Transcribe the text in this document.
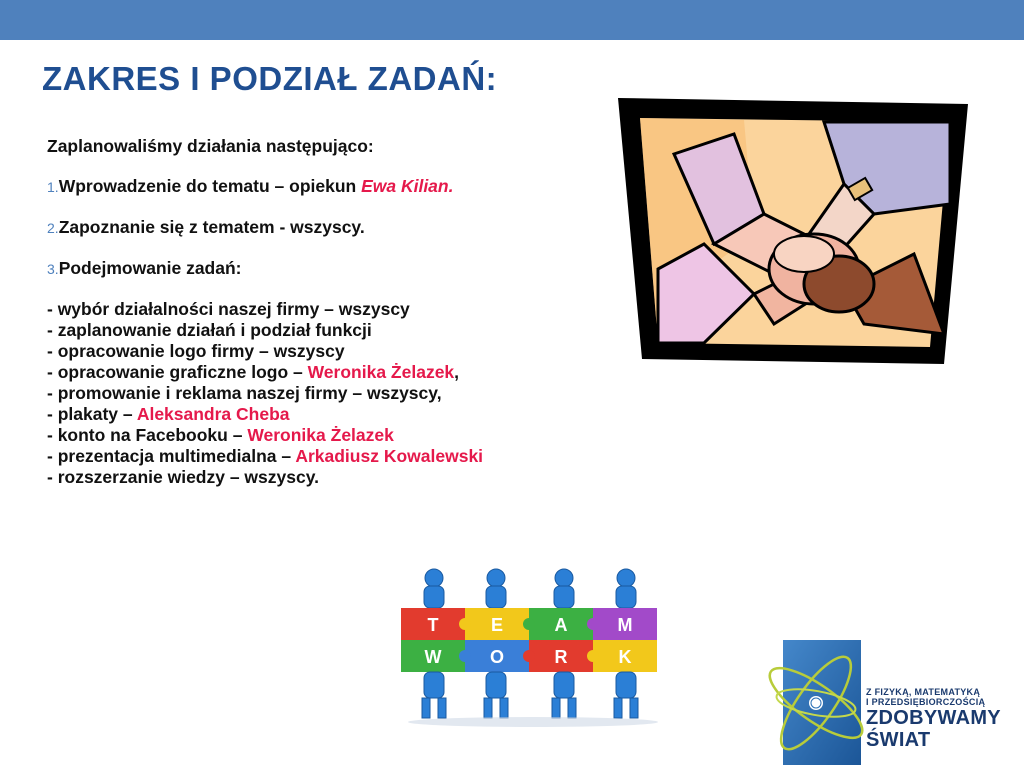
ZAKRES I PODZIAŁ ZADAŃ:

Zaplanowaliśmy działania następująco:

1.Wprowadzenie do tematu – opiekun Ewa Kilian.

2.Zapoznanie się z tematem - wszyscy.

3.Podejmowanie zadań:

- wybór działalności naszej firmy – wszyscy

- zaplanowanie działań i podział funkcji

- opracowanie logo firmy – wszyscy

- opracowanie graficzne logo – Weronika Żelazek,

- promowanie i reklama naszej firmy – wszyscy,

- plakaty – Aleksandra Cheba

- konto na Facebooku – Weronika Żelazek

- prezentacja multimedialna – Arkadiusz Kowalewski

- rozszerzanie wiedzy – wszyscy.

T	E	A	M
W	O	R	K
Z FIZYKĄ, MATEMATYKĄ
I PRZEDSIĘBIORCZOŚCIĄ
ZDOBYWAMY
ŚWIAT
